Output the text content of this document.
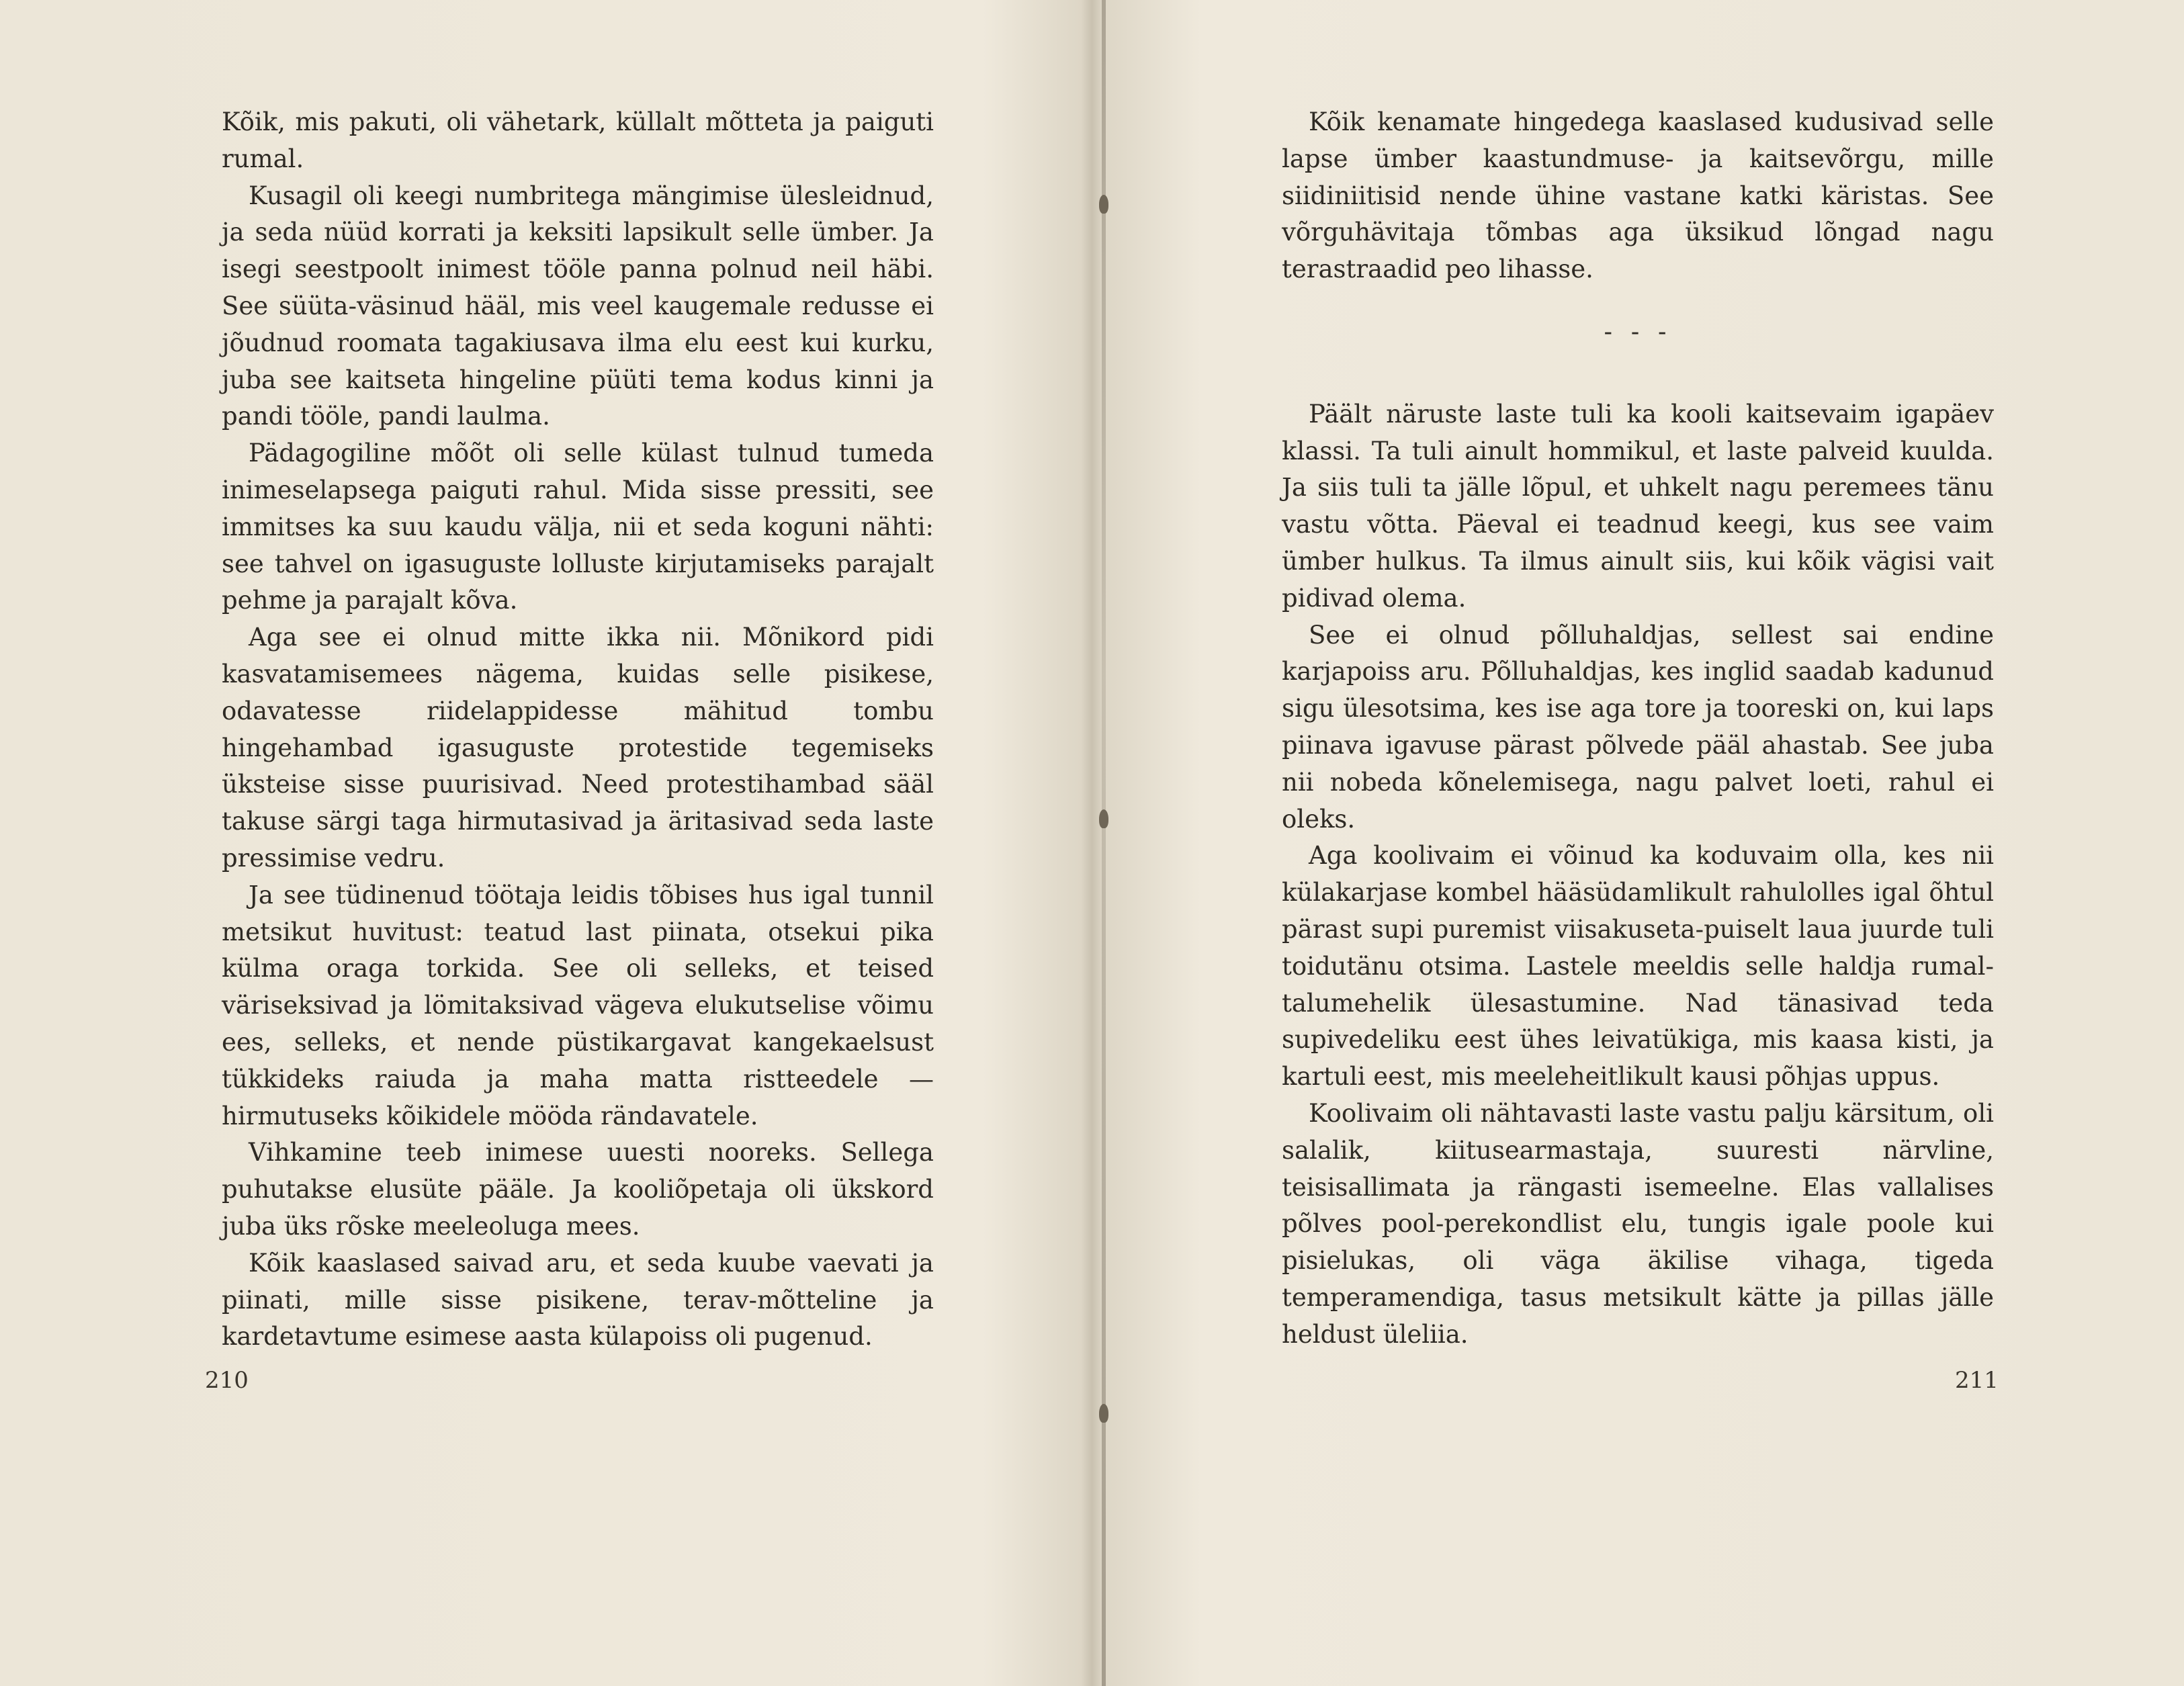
Kõik, mis pakuti, oli vähetark, küllalt mõtteta ja paiguti rumal.

Kusagil oli keegi numbritega mängimise ülesleidnud, ja seda nüüd korrati ja keksiti lapsikult selle ümber. Ja isegi seestpoolt inimest tööle panna polnud neil häbi. See süüta-väsinud hääl, mis veel kaugemale redusse ei jõudnud roomata tagakiusava ilma elu eest kui kurku, juba see kaitseta hingeline püüti tema kodus kinni ja pandi tööle, pandi laulma.

Pädagogiline mõõt oli selle külast tulnud tumeda inimeselapsega paiguti rahul. Mida sisse pressiti, see immitses ka suu kaudu välja, nii et seda koguni nähti: see tahvel on igasuguste lolluste kirjutamiseks parajalt pehme ja parajalt kõva.

Aga see ei olnud mitte ikka nii. Mõnikord pidi kasvatamisemees nägema, kuidas selle pisikese, odavatesse riidelappidesse mähitud tombu hingehambad igasuguste protestide tegemiseks üksteise sisse puurisivad. Need protestihambad sääl takuse särgi taga hirmutasivad ja äritasivad seda laste pressimise vedru.

Ja see tüdinenud töötaja leidis tõbises hus igal tunnil metsikut huvitust: teatud last piinata, otsekui pika külma oraga torkida. See oli selleks, et teised väriseksivad ja lömitaksivad vägeva elukutselise võimu ees, selleks, et nende püstikargavat kangekaelsust tükkideks raiuda ja maha matta ristteedele — hirmutuseks kõikidele mööda rändavatele.

Vihkamine teeb inimese uuesti nooreks. Sellega puhutakse elusüte pääle. Ja kooliõpetaja oli ükskord juba üks rõske meeleoluga mees.

Kõik kaaslased saivad aru, et seda kuube vaevati ja piinati, mille sisse pisikene, terav-mõtteline ja kardetavtume esimese aasta külapoiss oli pugenud.

210

Kõik kenamate hingedega kaaslased kudusivad selle lapse ümber kaastundmuse- ja kaitsevõrgu, mille siidiniitisid nende ühine vastane katki käristas. See võrguhävitaja tõmbas aga üksikud lõngad nagu terastraadid peo lihasse.

- - -

Päält näruste laste tuli ka kooli kaitsevaim igapäev klassi. Ta tuli ainult hommikul, et laste palveid kuulda. Ja siis tuli ta jälle lõpul, et uhkelt nagu peremees tänu vastu võtta. Päeval ei teadnud keegi, kus see vaim ümber hulkus. Ta ilmus ainult siis, kui kõik vägisi vait pidivad olema.

See ei olnud põlluhaldjas, sellest sai endine karjapoiss aru. Põlluhaldjas, kes inglid saadab kadunud sigu ülesotsima, kes ise aga tore ja tooreski on, kui laps piinava igavuse pärast põlvede pääl ahastab. See juba nii nobeda kõnelemisega, nagu palvet loeti, rahul ei oleks.

Aga koolivaim ei võinud ka koduvaim olla, kes nii külakarjase kombel hääsüdamlikult rahulolles igal õhtul pärast supi puremist viisakuseta-puiselt laua juurde tuli toidutänu otsima. Lastele meeldis selle haldja rumal-talumehelik ülesastumine. Nad tänasivad teda supivedeliku eest ühes leivatükiga, mis kaasa kisti, ja kartuli eest, mis meeleheitlikult kausi põhjas uppus.

Koolivaim oli nähtavasti laste vastu palju kärsitum, oli salalik, kiitusearmastaja, suuresti närvline, teisisallimata ja rängasti isemeelne. Elas vallalises põlves pool-perekondlist elu, tungis igale poole kui pisielukas, oli väga äkilise vihaga, tigeda temperamendiga, tasus metsikult kätte ja pillas jälle heldust üleliia.

211
